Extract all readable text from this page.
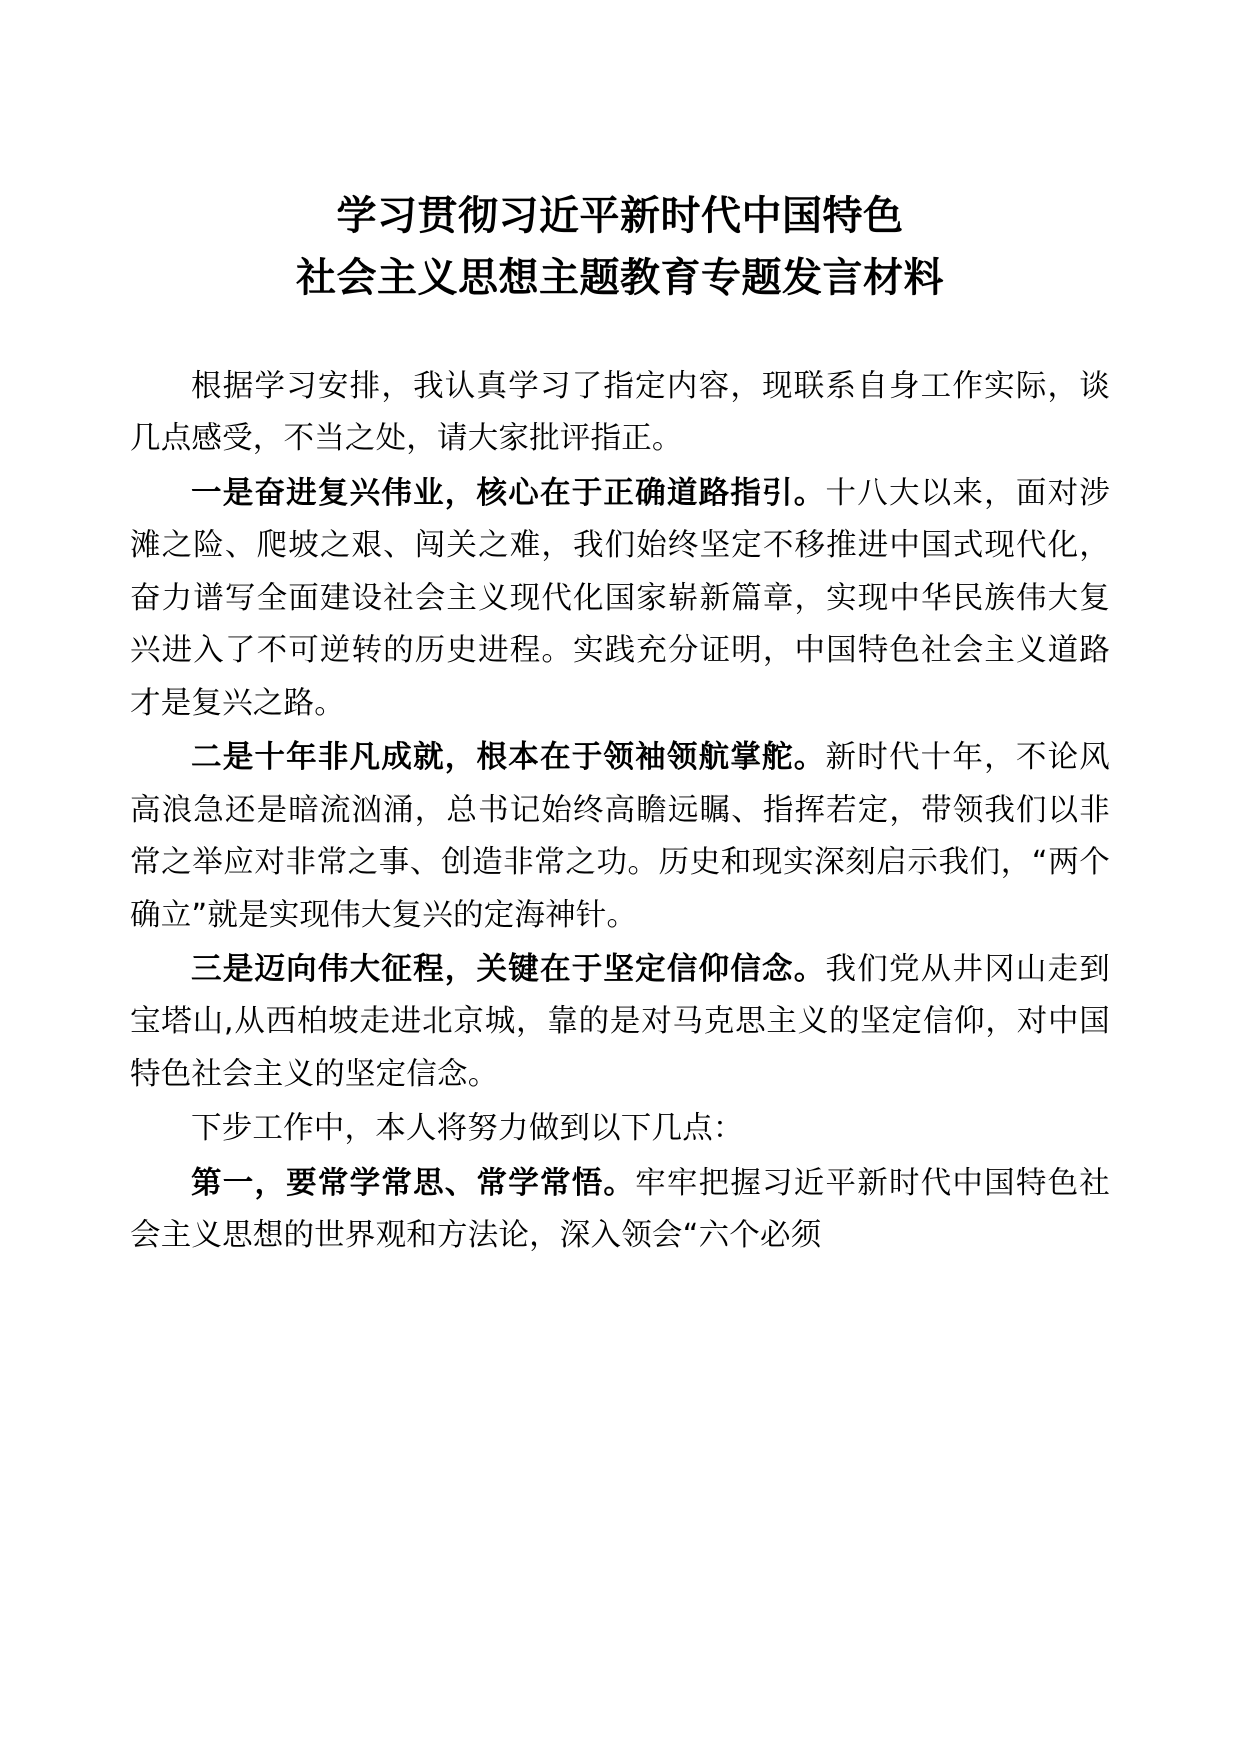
学习贯彻习近平新时代中国特色
社会主义思想主题教育专题发言材料

根据学习安排，我认真学习了指定内容，现联系自身工作实际，谈几点感受，不当之处，请大家批评指正。

一是奋进复兴伟业，核心在于正确道路指引。十八大以来，面对涉滩之险、爬坡之艰、闯关之难，我们始终坚定不移推进中国式现代化，奋力谱写全面建设社会主义现代化国家崭新篇章，实现中华民族伟大复兴进入了不可逆转的历史进程。实践充分证明，中国特色社会主义道路才是复兴之路。

二是十年非凡成就，根本在于领袖领航掌舵。新时代十年，不论风高浪急还是暗流汹涌，总书记始终高瞻远瞩、指挥若定，带领我们以非常之举应对非常之事、创造非常之功。历史和现实深刻启示我们，“两个确立”就是实现伟大复兴的定海神针。

三是迈向伟大征程，关键在于坚定信仰信念。我们党从井冈山走到宝塔山,从西柏坡走进北京城，靠的是对马克思主义的坚定信仰，对中国特色社会主义的坚定信念。

下步工作中，本人将努力做到以下几点：

第一，要常学常思、常学常悟。牢牢把握习近平新时代中国特色社会主义思想的世界观和方法论，深入领会“六个必须
